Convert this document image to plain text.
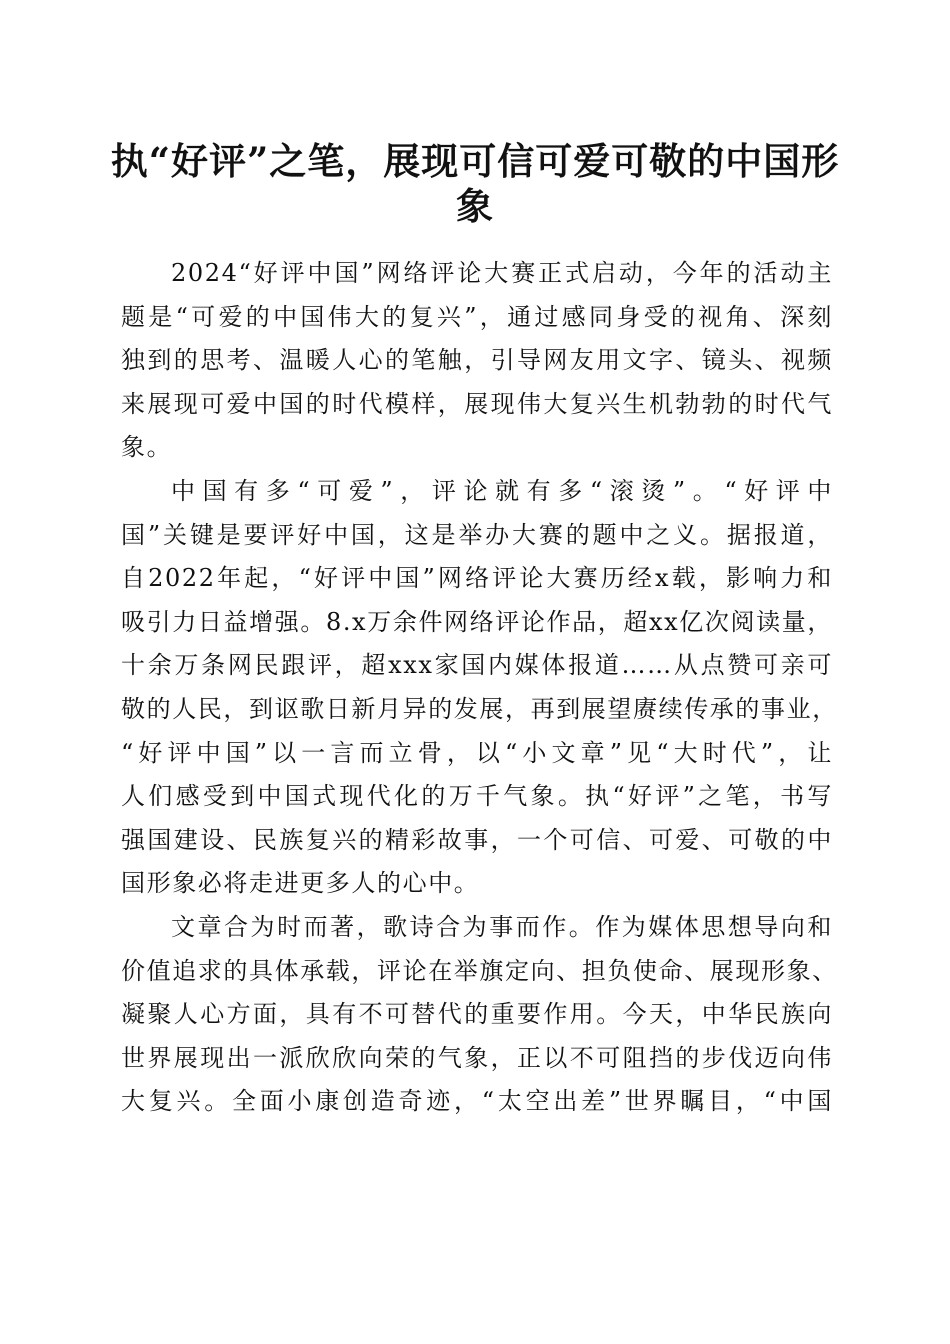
执“好评”之笔，展现可信可爱可敬的中国形
象
2024“好评中国”网络评论大赛正式启动，今年的活动主
题是“可爱的中国伟大的复兴”，通过感同身受的视角、深刻
独到的思考、温暖人心的笔触，引导网友用文字、镜头、视频
来展现可爱中国的时代模样，展现伟大复兴生机勃勃的时代气
象。
中国有多“可爱”，评论就有多“滚烫”。“好评中
国”关键是要评好中国，这是举办大赛的题中之义。据报道，
自2022年起，“好评中国”网络评论大赛历经x载，影响力和
吸引力日益增强。8.x万余件网络评论作品，超xx亿次阅读量，
十余万条网民跟评，超xxx家国内媒体报道……从点赞可亲可
敬的人民，到讴歌日新月异的发展，再到展望赓续传承的事业，
“好评中国”以一言而立骨，以“小文章”见“大时代”，让
人们感受到中国式现代化的万千气象。执“好评”之笔，书写
强国建设、民族复兴的精彩故事，一个可信、可爱、可敬的中
国形象必将走进更多人的心中。
文章合为时而著，歌诗合为事而作。作为媒体思想导向和
价值追求的具体承载，评论在举旗定向、担负使命、展现形象、
凝聚人心方面，具有不可替代的重要作用。今天，中华民族向
世界展现出一派欣欣向荣的气象，正以不可阻挡的步伐迈向伟
大复兴。全面小康创造奇迹，“太空出差”世界瞩目，“中国
